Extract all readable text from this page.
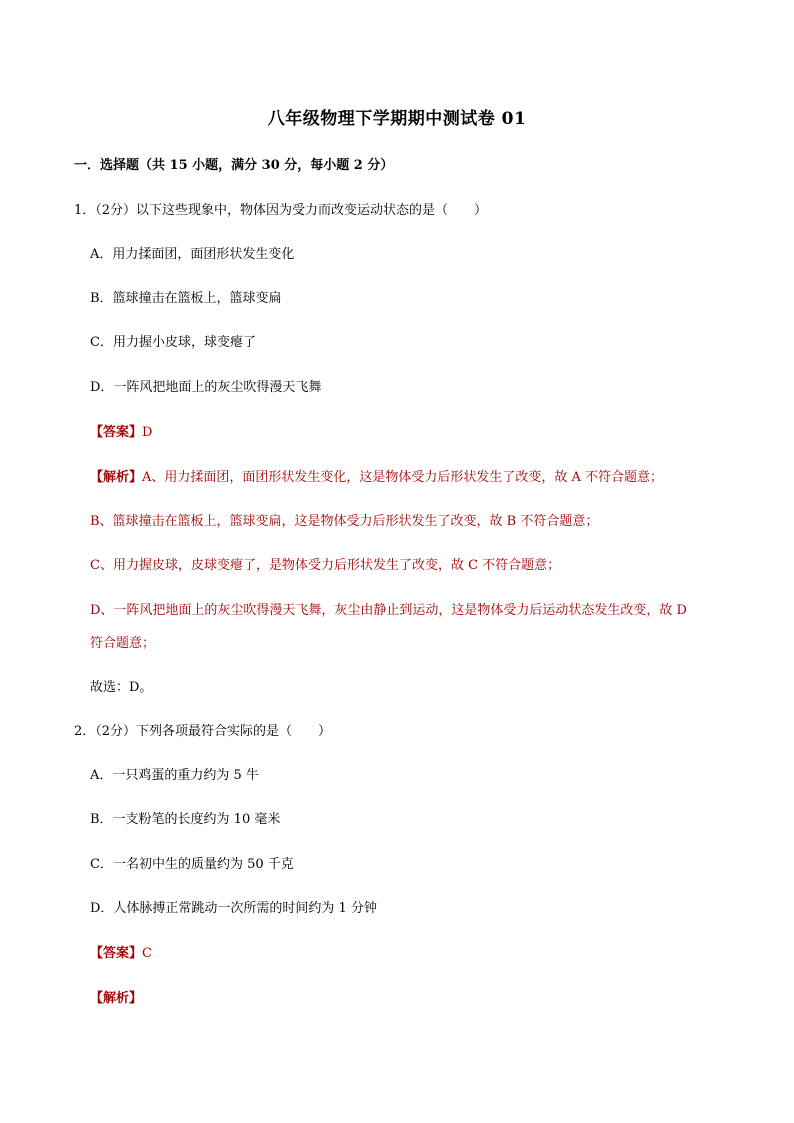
八年级物理下学期期中测试卷 01
一．选择题（共 15 小题，满分 30 分，每小题 2 分）
1．（2分）以下这些现象中，物体因为受力而改变运动状态的是（　　）
A．用力揉面团，面团形状发生变化
B．篮球撞击在篮板上，篮球变扁
C．用力握小皮球，球变瘪了
D．一阵风把地面上的灰尘吹得漫天飞舞
【答案】D
【解析】A、用力揉面团，面团形状发生变化，这是物体受力后形状发生了改变，故 A 不符合题意；
B、篮球撞击在篮板上，篮球变扁，这是物体受力后形状发生了改变，故 B 不符合题意；
C、用力握皮球，皮球变瘪了，是物体受力后形状发生了改变，故 C 不符合题意；
D、一阵风把地面上的灰尘吹得漫天飞舞，灰尘由静止到运动，这是物体受力后运动状态发生改变，故 D
符合题意；
故选：D。
2．（2分）下列各项最符合实际的是（　　）
A．一只鸡蛋的重力约为 5 牛
B．一支粉笔的长度约为 10 毫米
C．一名初中生的质量约为 50 千克
D．人体脉搏正常跳动一次所需的时间约为 1 分钟
【答案】C
【解析】
